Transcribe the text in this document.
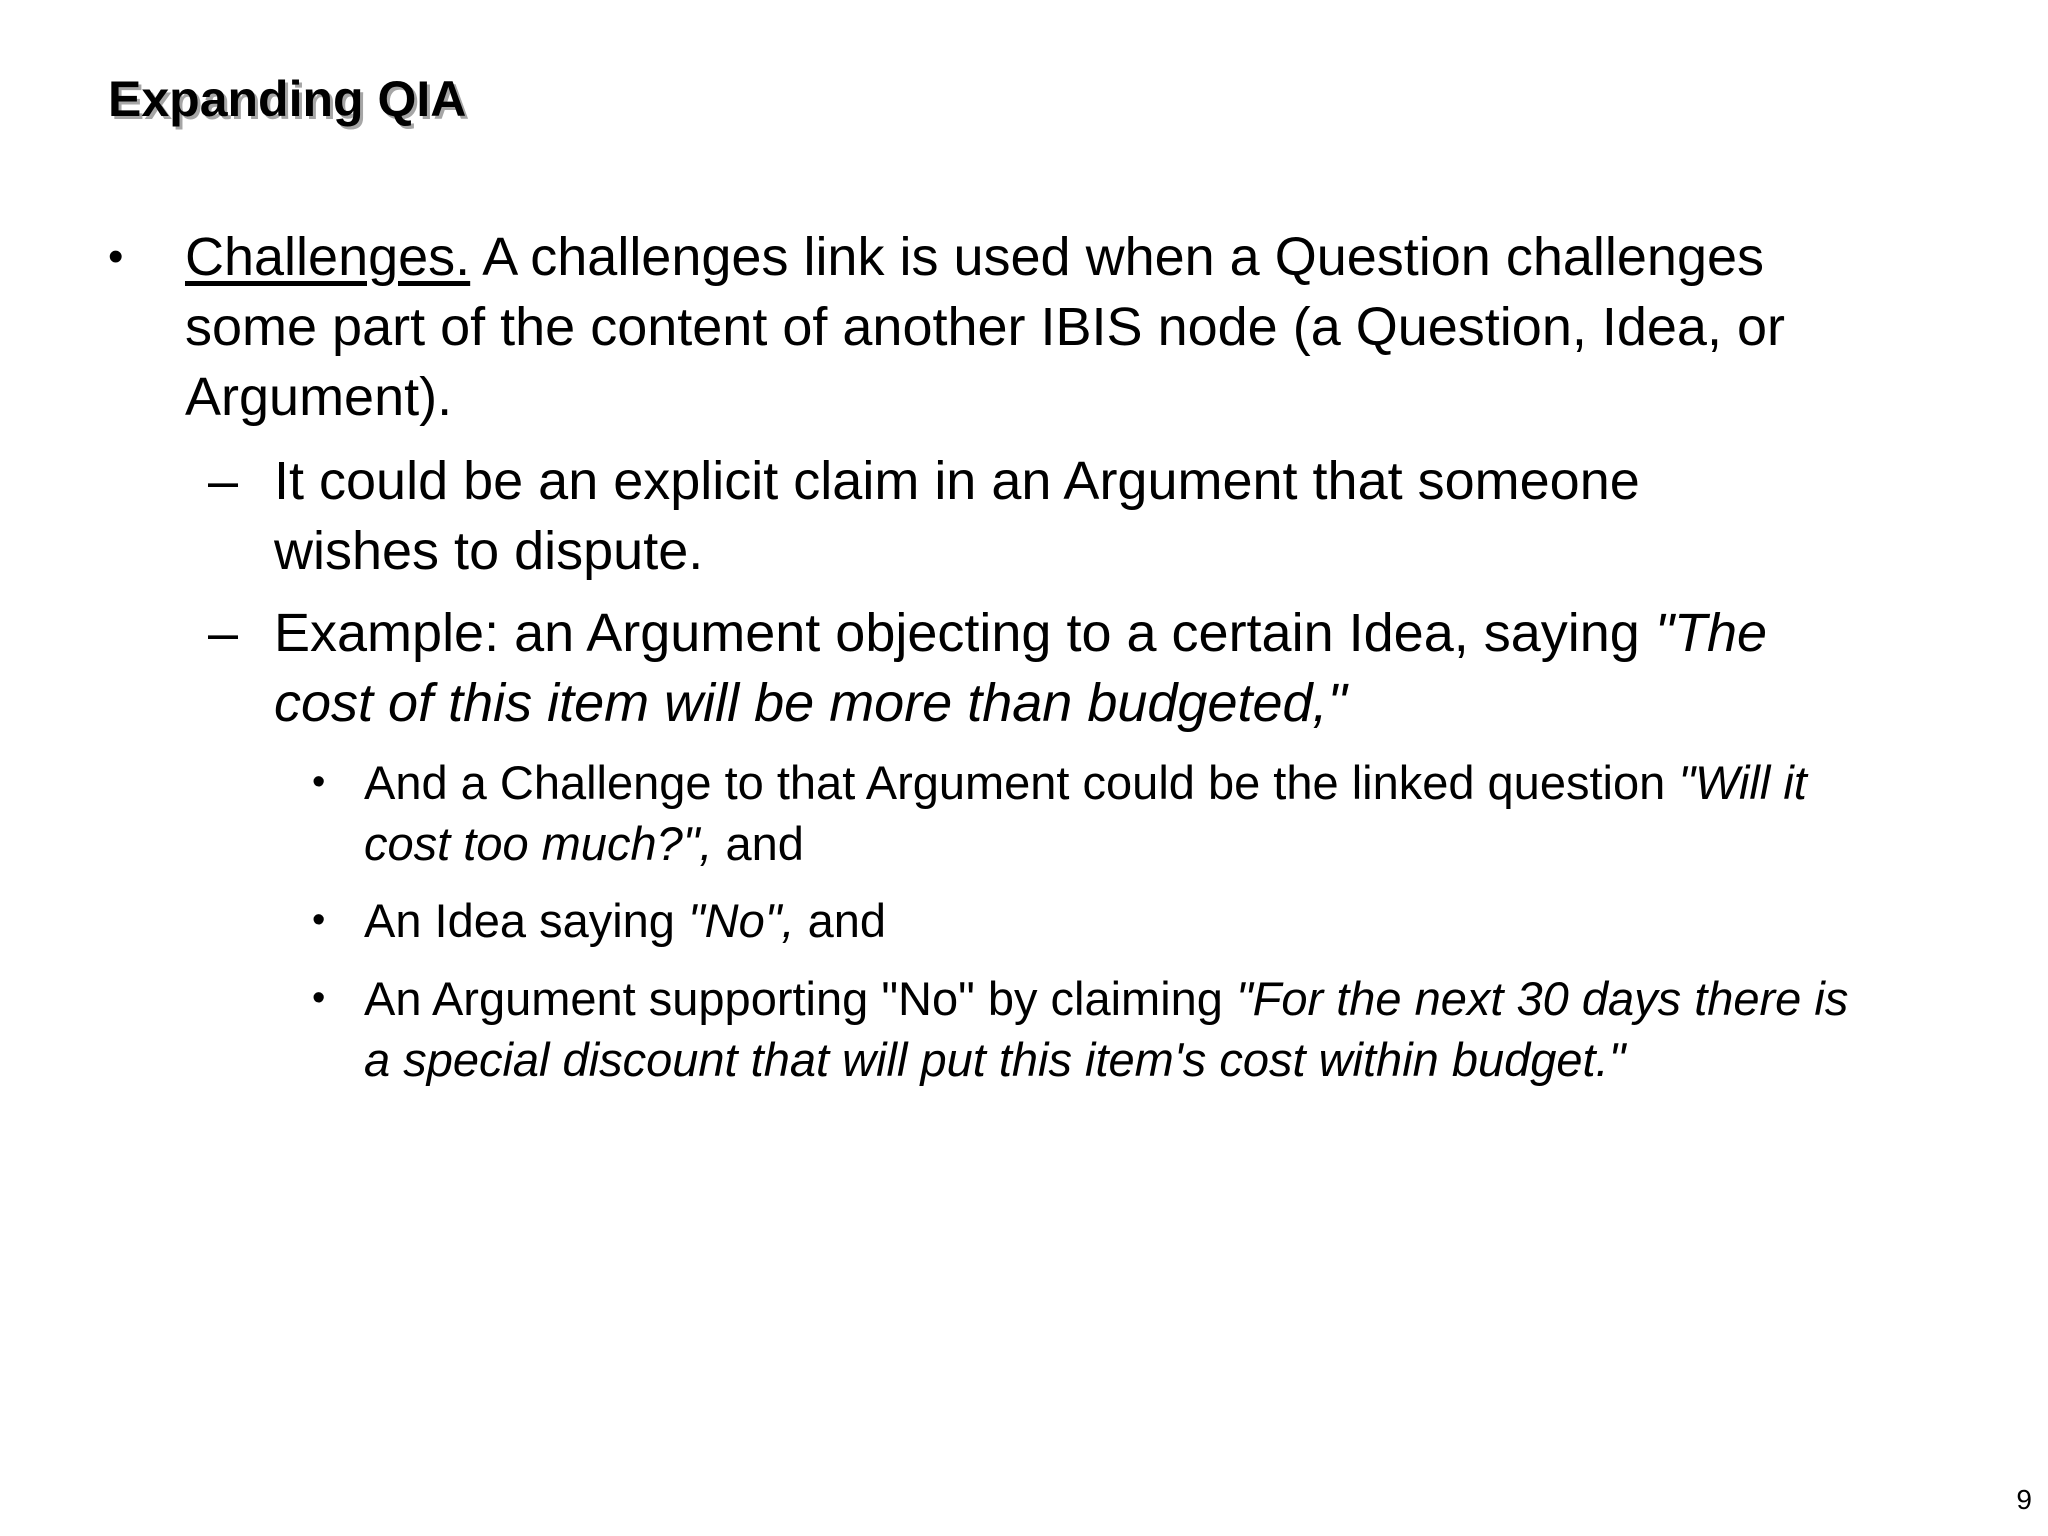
Expanding QIA
•	Challenges. A challenges link is used when a Question challenges some part of the content of another IBIS node (a Question, Idea, or Argument).
– It could be an explicit claim in an Argument that someone wishes to dispute.
– Example: an Argument objecting to a certain Idea, saying "The cost of this item will be more than budgeted,"
• And a Challenge to that Argument could be the linked question "Will it cost too much?", and
• An Idea saying "No", and
• An Argument supporting "No" by claiming "For the next 30 days there is a special discount that will put this item's cost within budget."
9
